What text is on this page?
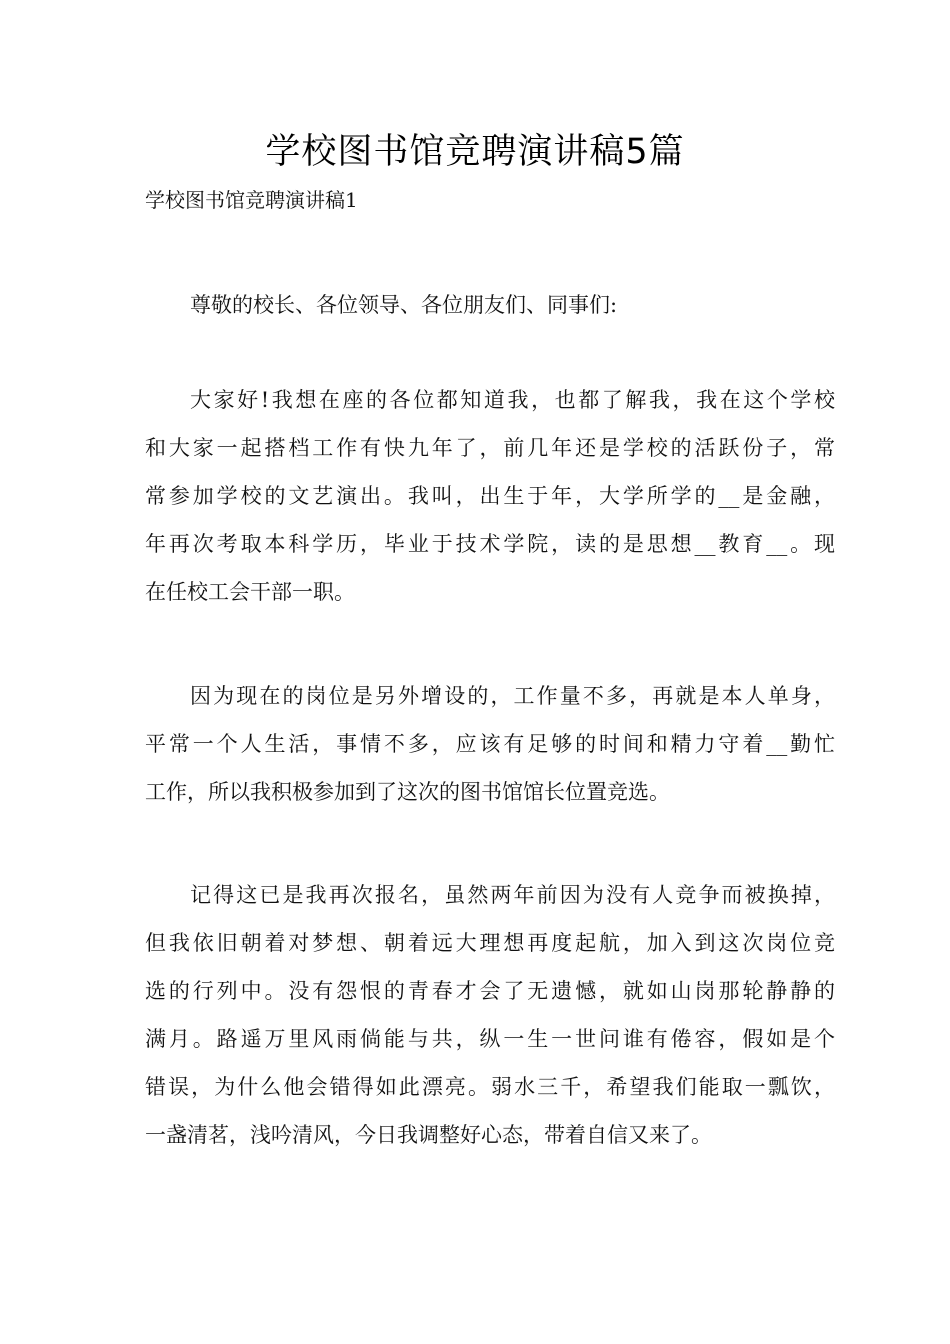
学校图书馆竞聘演讲稿5篇
学校图书馆竞聘演讲稿1
尊敬的校长、各位领导、各位朋友们、同事们:
大家好!我想在座的各位都知道我，也都了解我，我在这个学校
和大家一起搭档工作有快九年了，前几年还是学校的活跃份子，常
常参加学校的文艺演出。我叫，出生于年，大学所学的__是金融，
年再次考取本科学历，毕业于技术学院，读的是思想__教育__。现
在任校工会干部一职。
因为现在的岗位是另外增设的，工作量不多，再就是本人单身，
平常一个人生活，事情不多，应该有足够的时间和精力守着__勤忙
工作，所以我积极参加到了这次的图书馆馆长位置竞选。
记得这已是我再次报名，虽然两年前因为没有人竞争而被换掉，
但我依旧朝着对梦想、朝着远大理想再度起航，加入到这次岗位竞
选的行列中。没有怨恨的青春才会了无遗憾，就如山岗那轮静静的
满月。路遥万里风雨倘能与共，纵一生一世问谁有倦容，假如是个
错误，为什么他会错得如此漂亮。弱水三千，希望我们能取一瓢饮，
一盏清茗，浅吟清风，今日我调整好心态，带着自信又来了。
